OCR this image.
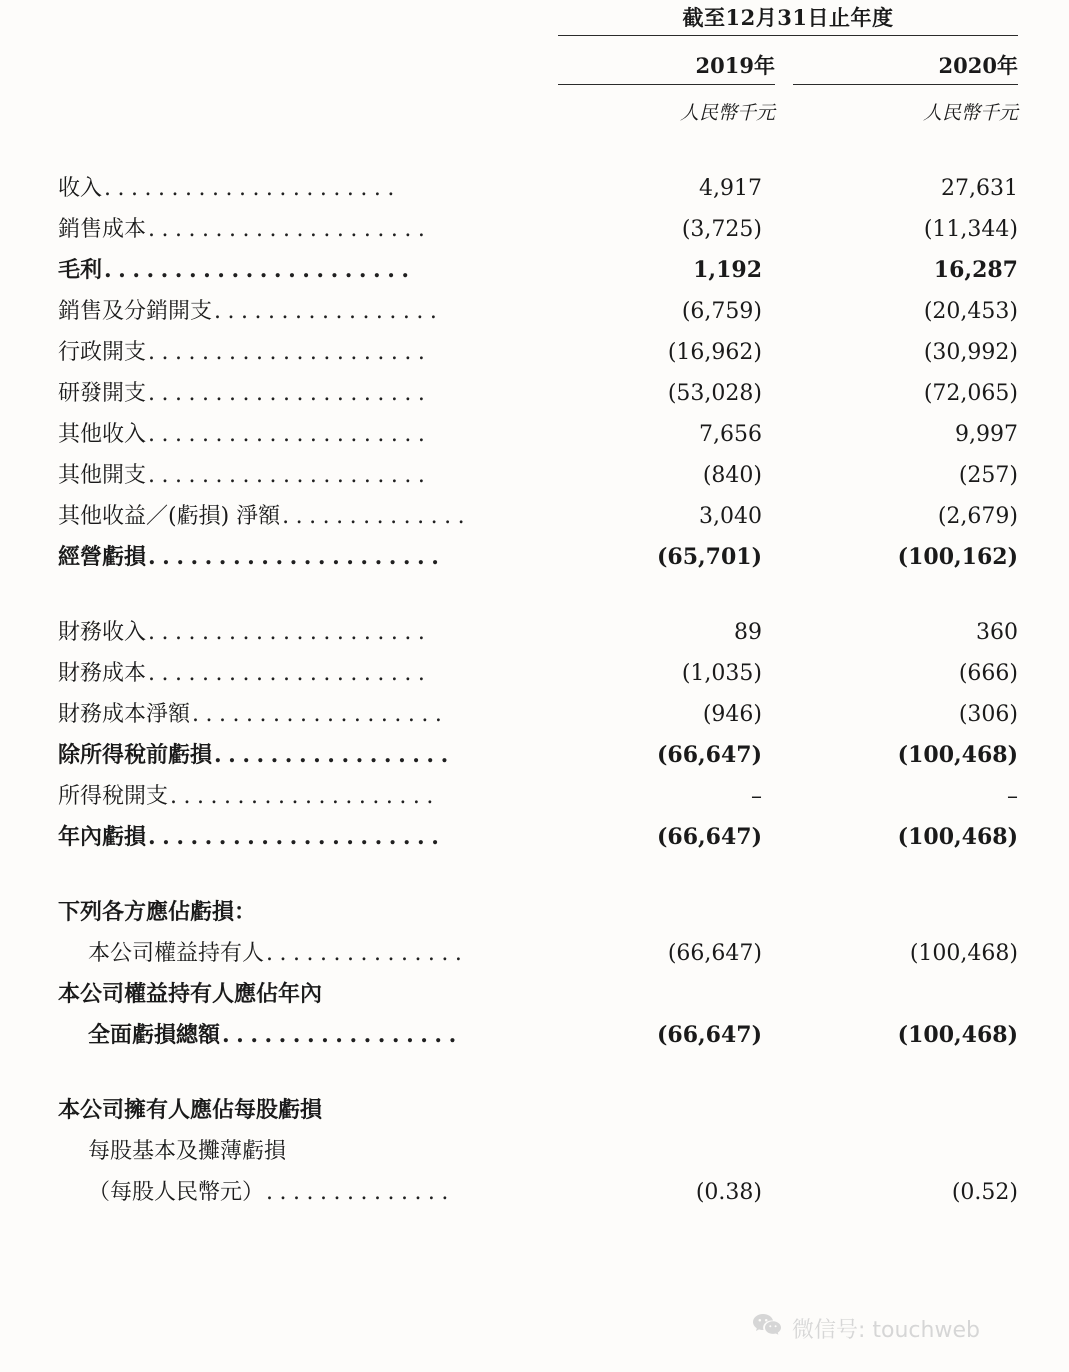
截至12月31日止年度
2019年	2020年
人民幣千元	人民幣千元
收入......................	4,917	27,631
銷售成本.....................	(3,725)	(11,344)
毛利......................	1,192	16,287
銷售及分銷開支.................	(6,759)	(20,453)
行政開支.....................	(16,962)	(30,992)
研發開支.....................	(53,028)	(72,065)
其他收入.....................	7,656	9,997
其他開支.....................	(840)	(257)
其他收益／(虧損) 淨額..............	3,040	(2,679)
經營虧損.....................	(65,701)	(100,162)

財務收入.....................	89	360
財務成本.....................	(1,035)	(666)
財務成本淨額...................	(946)	(306)
除所得稅前虧損.................	(66,647)	(100,468)
所得稅開支....................	–	–
年內虧損.....................	(66,647)	(100,468)

下列各方應佔虧損：		
本公司權益持有人...............	(66,647)	(100,468)
本公司權益持有人應佔年內		
全面虧損總額.................	(66,647)	(100,468)

本公司擁有人應佔每股虧損		
每股基本及攤薄虧損		
（每股人民幣元）..............	(0.38)	(0.52)
微信号: touchweb
